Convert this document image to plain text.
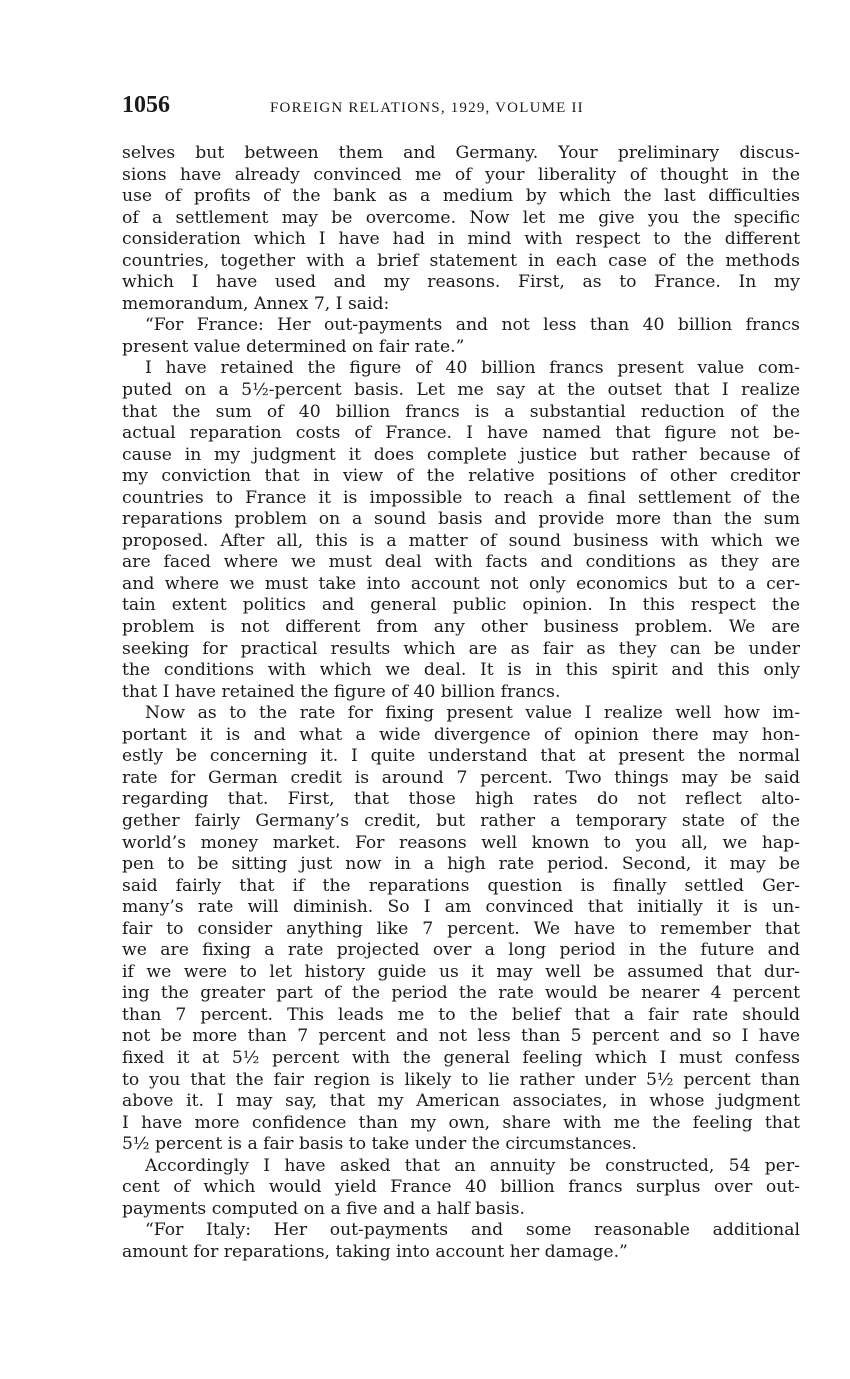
1056	FOREIGN RELATIONS, 1929, VOLUME II
selves but between them and Germany. Your preliminary discus-
sions have already convinced me of your liberality of thought in the
use of profits of the bank as a medium by which the last difficulties
of a settlement may be overcome. Now let me give you the specific
consideration which I have had in mind with respect to the different
countries, together with a brief statement in each case of the methods
which I have used and my reasons. First, as to France. In my
memorandum, Annex 7, I said:
“For France: Her out-payments and not less than 40 billion francs
present value determined on fair rate.”
I have retained the figure of 40 billion francs present value com-
puted on a 5½-percent basis. Let me say at the outset that I realize
that the sum of 40 billion francs is a substantial reduction of the
actual reparation costs of France. I have named that figure not be-
cause in my judgment it does complete justice but rather because of
my conviction that in view of the relative positions of other creditor
countries to France it is impossible to reach a final settlement of the
reparations problem on a sound basis and provide more than the sum
proposed. After all, this is a matter of sound business with which we
are faced where we must deal with facts and conditions as they are
and where we must take into account not only economics but to a cer-
tain extent politics and general public opinion. In this respect the
problem is not different from any other business problem. We are
seeking for practical results which are as fair as they can be under
the conditions with which we deal. It is in this spirit and this only
that I have retained the figure of 40 billion francs.
Now as to the rate for fixing present value I realize well how im-
portant it is and what a wide divergence of opinion there may hon-
estly be concerning it. I quite understand that at present the normal
rate for German credit is around 7 percent. Two things may be said
regarding that. First, that those high rates do not reflect alto-
gether fairly Germany’s credit, but rather a temporary state of the
world’s money market. For reasons well known to you all, we hap-
pen to be sitting just now in a high rate period. Second, it may be
said fairly that if the reparations question is finally settled Ger-
many’s rate will diminish. So I am convinced that initially it is un-
fair to consider anything like 7 percent. We have to remember that
we are fixing a rate projected over a long period in the future and
if we were to let history guide us it may well be assumed that dur-
ing the greater part of the period the rate would be nearer 4 percent
than 7 percent. This leads me to the belief that a fair rate should
not be more than 7 percent and not less than 5 percent and so I have
fixed it at 5½ percent with the general feeling which I must confess
to you that the fair region is likely to lie rather under 5½ percent than
above it. I may say, that my American associates, in whose judgment
I have more confidence than my own, share with me the feeling that
5½ percent is a fair basis to take under the circumstances.
Accordingly I have asked that an annuity be constructed, 54 per-
cent of which would yield France 40 billion francs surplus over out-
payments computed on a five and a half basis.
“For Italy: Her out-payments and some reasonable additional
amount for reparations, taking into account her damage.”
